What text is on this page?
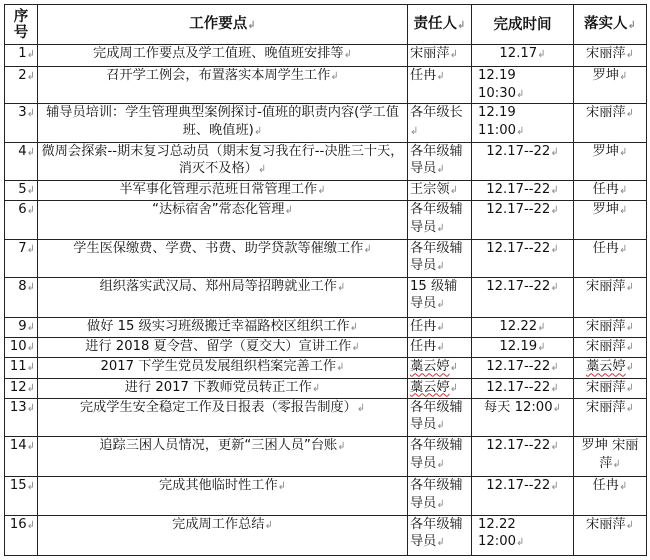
序号	工作要点↲	责任人↲	完成时间	落实人↲
1↲	完成周工作要点及学工值班、晚值班安排等↲	宋丽萍↲	12.17↲	宋丽萍↲
2↲	召开学工例会，布置落实本周学生工作↲	任冉↲	12.19　 10:30↲	罗坤↲
3↲	辅导员培训：学生管理典型案例探讨-值班的职责内容(学工值班、晚值班)↲	各年级长↲	12.19　 11:00↲	宋丽萍↲
4↲	微周会探索--期末复习总动员（期末复习我在行--决胜三十天，消灭不及格）↲	各年级辅导员↲	12.17--22↲	罗坤↲
5↲	半军事化管理示范班日常管理工作↲	王宗领↲	12.17--22↲	任冉↲
6↲	“达标宿舍”常态化管理↲	各年级辅导员↲	12.17--22↲	罗坤↲
7↲	学生医保缴费、学费、书费、助学贷款等催缴工作↲	各年级辅导员↲	12.17--22↲	任冉↲
8↲	组织落实武汉局、郑州局等招聘就业工作↲	15 级辅导员↲	12.17--22↲	宋丽萍↲
9↲	做好 15 级实习班级搬迁幸福路校区组织工作↲	任冉↲	12.22↲	宋丽萍↲
10↲	进行 2018 夏令营、留学（夏交大）宣讲工作↲	任冉↲	12.19↲	宋丽萍↲
11↲	2017 下学生党员发展组织档案完善工作↲	藁云婷↲	12.17--22↲	藁云婷↲
12↲	进行 2017 下教师党员转正工作↲	藁云婷↲	12.17--22↲	宋丽萍↲
13↲	完成学生安全稳定工作及日报表（零报告制度）↲	各年级辅导员↲	每天 12:00↲	宋丽萍↲
14↲	追踪三困人员情况，更新“三困人员”台账↲	各年级辅导员↲	12.17--22↲	罗坤 宋丽萍↲
15↲	完成其他临时性工作↲	各年级辅导员↲	12.17--22↲	任冉↲
16↲	完成周工作总结↲	各年级辅导员↲	12.22　 12:00↲	宋丽萍↲
